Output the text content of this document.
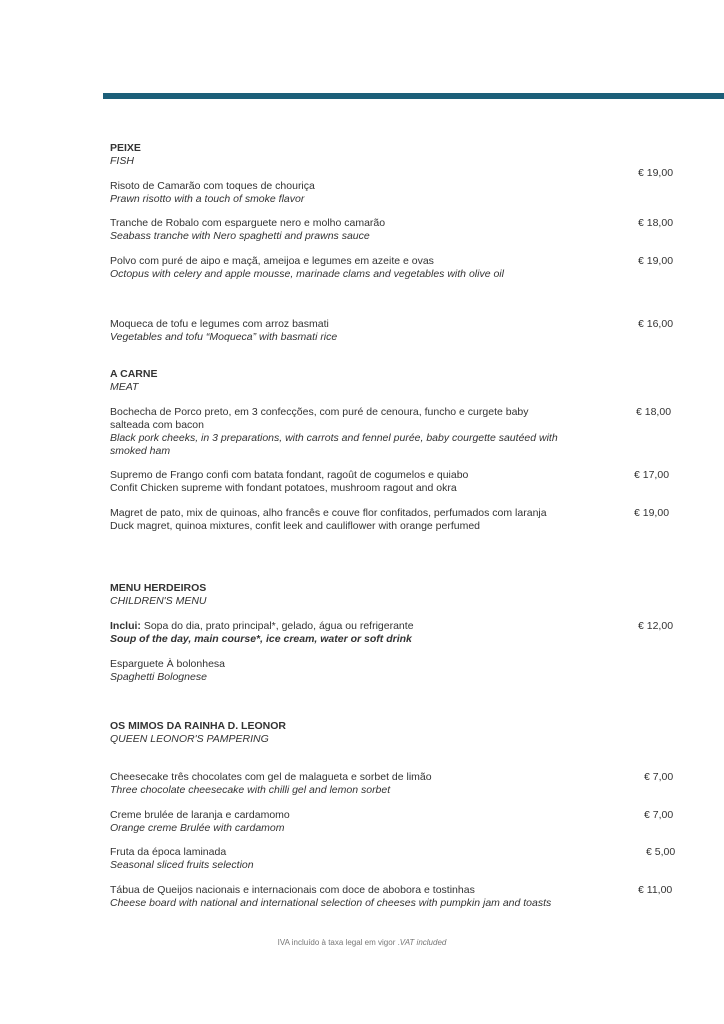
PEIXE
FISH
€ 19,00
Risoto de Camarão com toques de chouriça
Prawn risotto with a touch of smoke flavor
€ 18,00
Tranche de Robalo com esparguete nero e molho camarão
Seabass tranche with Nero spaghetti and prawns sauce
€ 19,00
Polvo com puré de aipo e maçã, ameijoa e legumes em azeite e ovas
Octopus with celery and apple mousse, marinade clams and vegetables with olive oil
€ 16,00
Moqueca de tofu e legumes com arroz basmati
Vegetables and tofu “Moqueca” with basmati rice
A CARNE
MEAT
€ 18,00
Bochecha de Porco preto, em 3 confecções, com puré de cenoura, funcho e curgete baby salteada com bacon
Black pork cheeks, in 3 preparations, with carrots and fennel purée, baby courgette sautéed with smoked ham
€ 17,00
Supremo de Frango confi com batata fondant, ragoût de cogumelos e quiabo
Confit Chicken supreme with fondant potatoes, mushroom ragout and okra
€ 19,00
Magret de pato, mix de quinoas, alho francês e couve flor confitados, perfumados com laranja
Duck magret, quinoa mixtures, confit leek and cauliflower with orange perfumed
MENU HERDEIROS
CHILDREN'S MENU
€ 12,00
Inclui: Sopa do dia, prato principal*, gelado, água ou refrigerante
Soup of the day, main course*, ice cream, water or soft drink
Esparguete À bolonhesa
Spaghetti Bolognese
OS MIMOS DA RAINHA D. LEONOR
QUEEN LEONOR'S PAMPERING
€ 7,00
Cheesecake três chocolates com gel de malagueta e sorbet de limão
Three chocolate cheesecake with chilli gel and lemon sorbet
€ 7,00
Creme brulée de laranja e cardamomo
Orange creme Brulée with cardamom
€ 5,00
Fruta da época laminada
Seasonal sliced fruits selection
€ 11,00
Tábua de Queijos nacionais e internacionais com doce de abobora e tostinhas
Cheese board with national and international selection of cheeses with pumpkin jam and toasts
IVA incluído à taxa legal em vigor .VAT included
